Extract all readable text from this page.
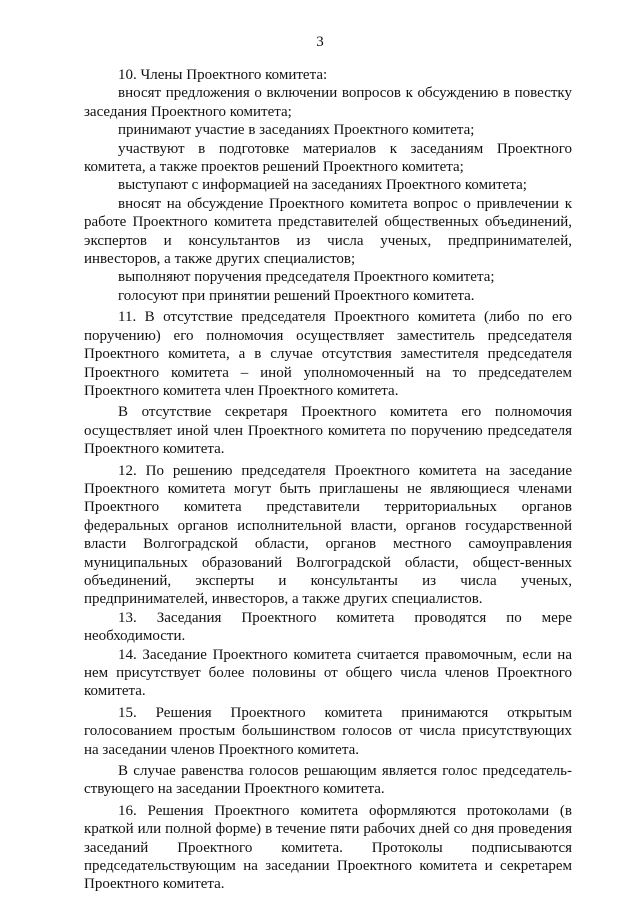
3

10. Члены Проектного комитета:

вносят предложения о включении вопросов к обсуждению в повестку заседания Проектного комитета;

принимают участие в заседаниях Проектного комитета;

участвуют в подготовке материалов к заседаниям Проектного комитета, а также проектов решений Проектного комитета;

выступают с информацией на заседаниях Проектного комитета;

вносят на обсуждение Проектного комитета вопрос о привлечении к работе Проектного комитета представителей общественных объединений, экспертов и консультантов из числа ученых, предпринимателей, инвесторов, а также других специалистов;

выполняют поручения председателя Проектного комитета;

голосуют при принятии решений Проектного комитета.

11. В отсутствие председателя Проектного комитета (либо по его поручению) его полномочия осуществляет заместитель председателя Проектного комитета, а в случае отсутствия заместителя председателя Проектного комитета – иной уполномоченный на то председателем Проектного комитета член Проектного комитета.

В отсутствие секретаря Проектного комитета его полномочия осуществляет иной член Проектного комитета по поручению председателя Проектного комитета.

12. По решению председателя Проектного комитета на заседание Проектного комитета могут быть приглашены не являющиеся членами Проектного комитета представители территориальных органов федеральных органов исполнительной власти, органов государственной власти Волгоградской области, органов местного самоуправления муниципальных образований Волгоградской области, общест-венных объединений, эксперты и консультанты из числа ученых, предпринимателей, инвесторов, а также других специалистов.

13. Заседания Проектного комитета проводятся по мере необходимости.

14. Заседание Проектного комитета считается правомочным, если на нем присутствует более половины от общего числа членов Проектного комитета.

15. Решения Проектного комитета принимаются открытым голосованием простым большинством голосов от числа присутствующих на заседании членов Проектного комитета.

В случае равенства голосов решающим является голос председатель-ствующего на заседании Проектного комитета.

16. Решения Проектного комитета оформляются протоколами (в краткой или полной форме) в течение пяти рабочих дней со дня проведения заседаний Проектного комитета. Протоколы подписываются председательствующим на заседании Проектного комитета и секретарем Проектного комитета.
